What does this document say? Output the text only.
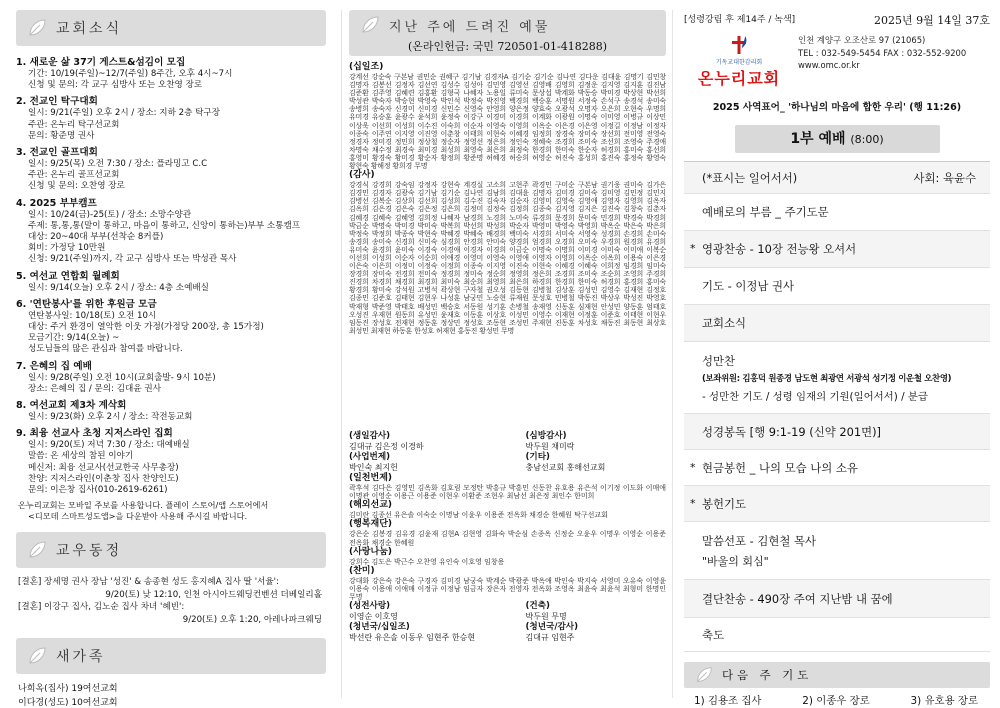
교회소식
1. 새로운 삶 37기 게스트&섬김이 모집
기간: 10/19(주일)~12/7(주일) 8주간, 오후 4시~7시
신청 및 문의: 각 교구 심방사 또는 오찬영 장로
2. 전교인 탁구대회
일시: 9/21(주일) 오후 2시 / 장소: 지하 2층 탁구장
주관: 온누리 탁구선교회
문의: 황준명 권사
3. 전교인 골프대회
일시: 9/25(목) 오전 7:30 / 장소: 플라밍고 C.C
주관: 온누리 골프선교회
신청 및 문의: 오찬영 장로
4. 2025 부부캠프
일시: 10/24(금)-25(토) / 장소: 소망수양관
주제: 통,통,통(말이 통하고, 마음이 통하고, 신앙이 통하는)부부 소통캠프
대상: 20~40대 부부(선착순 8커플)
회비: 가정당 10만원
신청: 9/21(주일)까지, 각 교구 심방사 또는 박성관 목사
5. 여선교 연합회 월례회
일시: 9/14(오늘) 오후 2시 / 장소: 4층 소예배실
6. '연탄봉사'를 위한 후원금 모금
연탄봉사일: 10/18(토) 오전 10시
대상: 주거 환경이 열악한 이웃 가정(가정당 200장, 총 15가정)
모금기간: 9/14(오늘) ~
성도님들의 많은 관심과 참여를 바랍니다.
7. 은혜의 집 예배
일시: 9/28(주일) 오전 10시(교회출발- 9시 10분)
장소: 은혜의 집 / 문의: 김대윤 권사
8. 여선교회 제3차 계삭회
일시: 9/23(화) 오후 2시 / 장소: 작전동교회
9. 최융 선교사 초청 지저스라인 집회
일시: 9/20(토) 저녁 7:30 / 장소: 대예배실
말씀: 온 세상의 참된 이야기
메신저: 최융 선교사(선교한국 사무총장)
찬양: 지저스라인(이춘창 집사 찬양인도)
문의: 이은창 집사(010-2619-6261)
온누리교회는 모바일 주보를 사용합니다. 플레이 스토어/앱 스토어에서
<디모데 스마트성도앱>을 다운받아 사용해 주시길 바랍니다.
교우동정
[결혼] 장세명 권사 장남 '성진' & 송종현 성도 홍지혜A 집사 딸 '서율':
9/20(토) 낮 12:10, 인천 아시아드웨딩컨벤션 더베일리홀
[결혼] 이강구 집사, 김노순 집사 차녀 '혜빈':
9/20(토) 오후 1:20, 아레나파크웨딩
새가족
나희옥(집사) 19여선교회
이다경(성도) 10여선교회
지난 주에 드려진 예물
(온라인헌금: 국민 720501-01-418288)
(십일조)
강계선 강순숙 구본남 권민순 권혜구 김기남 김경자A 김기순 김기순 김나연 김다운 김대윤 김명기 김민창 김명자 김봉선 김정자 김선연 김성수 김성아 김민영 김영선 김영배 김영희 김정운 김지영 김지훈 김진남 김준환 김주영 김혜련 김홍환 김형국 나혜자 노용일 류미숙 문상섭 박계화 박동승 박미경 박상현 박선희 박성관 박숙자 박승현 박영숙 박인석 박정숙 박진영 백경희 백승훈 서명원 서정숙 손석구 송경석 송미숙 송병희 송숙자 신경미 신미경 신민수 신영숙 안영희 양은정 양효숙 오광석 오명자 오은희 오현숙 우명희 유미경 유승훈 윤광수 윤석희 윤정숙 이강구 이경미 이경희 이계화 이광원 이명숙 이미영 이병규 이상민 이상욱 이선희 이성희 이수진 이숙희 이순자 이영숙 이영희 이옥순 이은경 이은영 이정길 이정남 이정자 이종숙 이주연 이지영 이진영 이춘창 이태희 이현숙 이혜경 임정희 장경숙 장미숙 장선희 전미영 전영숙 정경자 정미경 정민희 정상철 정순자 정영선 정은희 정인숙 정혜숙 조경희 조미숙 조선희 조영숙 주경애 차명숙 채수정 최경숙 최미경 최성희 최영숙 최은희 최정숙 한경희 한미숙 한순자 허경희 홍미숙 홍선희 홍영미 황경숙 황미경 황순자 황정희 황준명 허혜경 허승희 허영순 허진숙 홍성희 홍진숙 홍정숙 황영숙 황현숙 황해정 황희경 무명
(감사)
강경식 강경희 강숙임 강정자 강현숙 계경실 고소희 고현주 곽경민 구미순 구본남 권기웅 권미숙 김가은 김경민 김경자 김광숙 김기남 김기순 김나연 김남희 김대윤 김명자 김미경 김미숙 김미영 김민정 김민지 김병선 김복순 김상희 김선희 김성희 김수진 김숙자 김순자 김영미 김영숙 김영애 김영자 김영희 김옥자 김옥희 김은경 김은숙 김은정 김은희 김정미 김정숙 김정희 김종숙 김지영 김지은 김진숙 김창숙 김춘자 김혜경 김혜숙 김혜영 김희정 나혜자 남경희 노경희 노미숙 류경희 문경희 문미숙 민경희 박경숙 박경희 박금순 박명숙 박미경 박미숙 박복희 박선희 박성희 박순자 박영미 박영숙 박영희 박옥순 박은숙 박은희 박정숙 박정희 박종숙 박현숙 박혜경 박혜숙 배경희 백미숙 서경희 서미숙 서영숙 성경희 손경희 손미숙 송경희 송미숙 신경희 신미숙 심경희 안경희 안미숙 양경희 엄경희 오경희 오미숙 우경희 원경희 유경희 유미숙 윤경희 윤미숙 이경숙 이경애 이경자 이경희 이금순 이명숙 이명희 이미경 이미숙 이미애 이복순 이선희 이성희 이순자 이순희 이애경 이영미 이영숙 이영애 이영자 이영희 이옥순 이옥희 이용숙 이은경 이은숙 이은희 이정미 이정숙 이정희 이종숙 이지영 이진숙 이현숙 이혜경 이혜숙 이희정 임경희 임미숙 장경희 장미숙 전경희 전미숙 정경희 정미숙 정순희 정영희 정은희 조경희 조미숙 조순희 조영희 주경희 진경희 차경희 채경희 최경희 최미숙 최순희 최영희 최은희 하경희 한경희 한미숙 허경희 홍경희 홍미숙 황경희 황미숙 강석원 고병석 곽상현 구자철 권오성 김동현 김병철 김상훈 김성민 김영수 김재현 김정호 김종민 김준호 김태현 김현우 나성훈 남궁민 노승현 류재원 문성호 민병철 박동진 박상우 박성진 박영호 박재형 박준영 박태호 배성민 백승호 서동원 성기훈 손병철 송재영 신동훈 심재현 안성민 양동훈 엄태호 오성진 우재현 원동희 유성민 윤재호 이동훈 이상호 이성민 이영수 이재현 이정훈 이준호 이태현 이현우 임동진 장성호 전재현 정동훈 정상민 정성호 조동현 조성민 주재현 진동훈 차성호 채동진 최동현 최상호 최성민 최재현 하동훈 한성호 허재현 홍동진 황성민 무명
(생일감사)
김대규 김은정 이경하
(심방감사)
박두원 채미락
(사업번제)
박인숙 최지헌
(기타)
충남선교회 홍해선교회
(일천번제)
곽후석 김다은 김영민 김옥화 김호림 모정탄 박흥규 박흥민 신동찬 유호용 유은석 이기정 이도화 이매애 이명관 이영순 이용근 이용준 이현우 이환준 조현우 최남선 최은정 최인수 한미희
(해외선교)
김미란 김종선 유은솔 이숙순 이명남 이윤우 이용준 전옥화 채경순 한혜원 탁구선교회
(행복재단)
강은순 김봉경 김유경 김윤재 김현A 김현영 김화숙 박순심 손종옥 신정순 오윤우 이명우 이영순 이용준 전옥화 채경순 한혜원
(사랑나눔)
강희수 김도은 박근수 오찬영 유인숙 이호영 임창용
(찬미)
강대화 강은숙 강은숙 구경자 김미경 남궁숙 박계순 박광준 박옥애 박인숙 박지숙 서영미 오유숙 이영윤 이용숙 이용애 이애매 이정규 이정남 임금자 장은자 전영자 전옥화 조영옥 최윤숙 최윤석 최형미 한명인 무명
(성전사랑)
이영순 이호영
(건축)
박두원 무명
(청년국/십일조)
박선란 유은솔 이동우 임현주 한승현
(청년국/감사)
김대규 임현주
[성령강림 후 제14주 / 녹색]	2025년 9월 14일 37호
기독교대한감리회
온누리교회
인천 계양구 오조산로 97 (21065)
TEL : 032-549-5454 FAX : 032-552-9200
www.omc.or.kr
2025 사역표어_ '하나님의 마음에 합한 우리' (행 11:26)
1부 예배 (8:00)
(*표시는 일어서서)	사회: 육윤수
예배로의 부름 _ 주기도문
* 영광찬송 - 10장 전능왕 오셔서
기도 - 이정남 권사
교회소식
성만찬
(보좌위원: 김홍덕 원종경 남도현 최광연 서광석 성기정 이운철 오찬영)
- 성만찬 기도 / 성령 임재의 기원(일어서서) / 분급
성경봉독 [행 9:1-19 (신약 201면)]
* 현금봉헌 _ 나의 모습 나의 소유
* 봉헌기도
말씀선포 - 김현철 목사
"바울의 회심"
결단찬송 - 490장 주여 지난밤 내 꿈에
축도
다음 주 기도
1) 김용조 집사	2) 이종우 장로	3) 유호용 장로
